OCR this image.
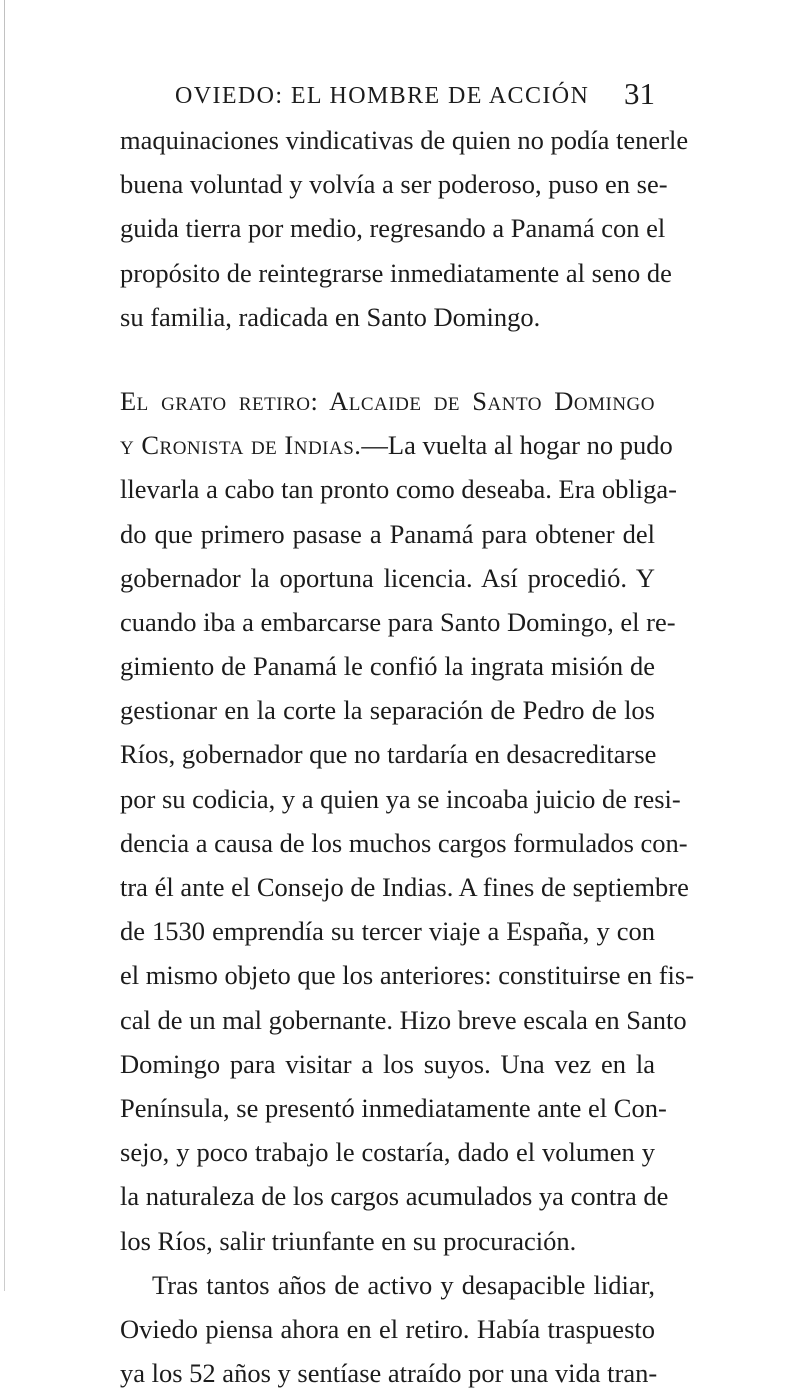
OVIEDO: EL HOMBRE DE ACCIÓN 31
maquinaciones vindicativas de quien no podía tenerle
buena voluntad y volvía a ser poderoso, puso en se-
guida tierra por medio, regresando a Panamá con el
propósito de reintegrarse inmediatamente al seno de
su familia, radicada en Santo Domingo.
El grato retiro: Alcaide de Santo Domingo
y Cronista de Indias.—La vuelta al hogar no pudo
llevarla a cabo tan pronto como deseaba. Era obliga-
do que primero pasase a Panamá para obtener del
gobernador la oportuna licencia. Así procedió. Y
cuando iba a embarcarse para Santo Domingo, el re-
gimiento de Panamá le confió la ingrata misión de
gestionar en la corte la separación de Pedro de los
Ríos, gobernador que no tardaría en desacreditarse
por su codicia, y a quien ya se incoaba juicio de resi-
dencia a causa de los muchos cargos formulados con-
tra él ante el Consejo de Indias. A fines de septiembre
de 1530 emprendía su tercer viaje a España, y con
el mismo objeto que los anteriores: constituirse en fis-
cal de un mal gobernante. Hizo breve escala en Santo
Domingo para visitar a los suyos. Una vez en la
Península, se presentó inmediatamente ante el Con-
sejo, y poco trabajo le costaría, dado el volumen y
la naturaleza de los cargos acumulados ya contra de
los Ríos, salir triunfante en su procuración.
Tras tantos años de activo y desapacible lidiar,
Oviedo piensa ahora en el retiro. Había traspuesto
ya los 52 años y sentíase atraído por una vida tran-
